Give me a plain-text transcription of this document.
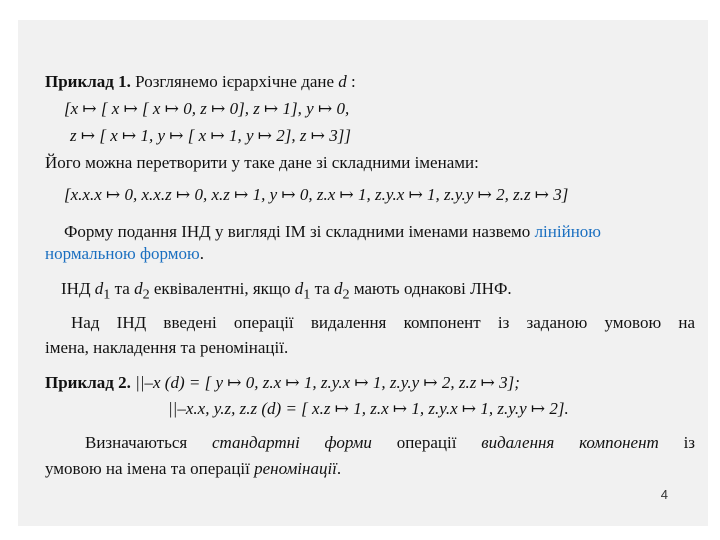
Приклад 1. Розглянемо ієрархічне дане d :
[x ↦ [ x ↦ [ x ↦ 0, z ↦ 0], z ↦ 1], y ↦ 0,
z ↦ [ x ↦ 1, y ↦ [ x ↦ 1, y ↦ 2], z ↦ 3]]
Його можна перетворити у таке дане зі складними іменами:
[x.x.x ↦ 0, x.x.z ↦ 0, x.z ↦ 1, y ↦ 0, z.x ↦ 1, z.y.x ↦ 1, z.y.y ↦ 2, z.z ↦ 3]
Форму подання ІНД у вигляді ІМ зі складними іменами назвемо лінійною
нормальною формою.
ІНД $d_1$ та $d_2$ еквівалентні, якщо $d_1$ та $d_2$ мають однакові ЛНФ.
Над ІНД введені операції видалення компонент із заданою умовою на
імена, накладення та реномінації.
Приклад 2. ||–x (d) = [ y ↦ 0, z.x ↦ 1, z.y.x ↦ 1, z.y.y ↦ 2, z.z ↦ 3];
||–x.x, y.z, z.z (d) = [ x.z ↦ 1, z.x ↦ 1, z.y.x ↦ 1, z.y.y ↦ 2].
Визначаються стандартні форми операції видалення компонент із
умовою на імена та операції реномінації.
4
